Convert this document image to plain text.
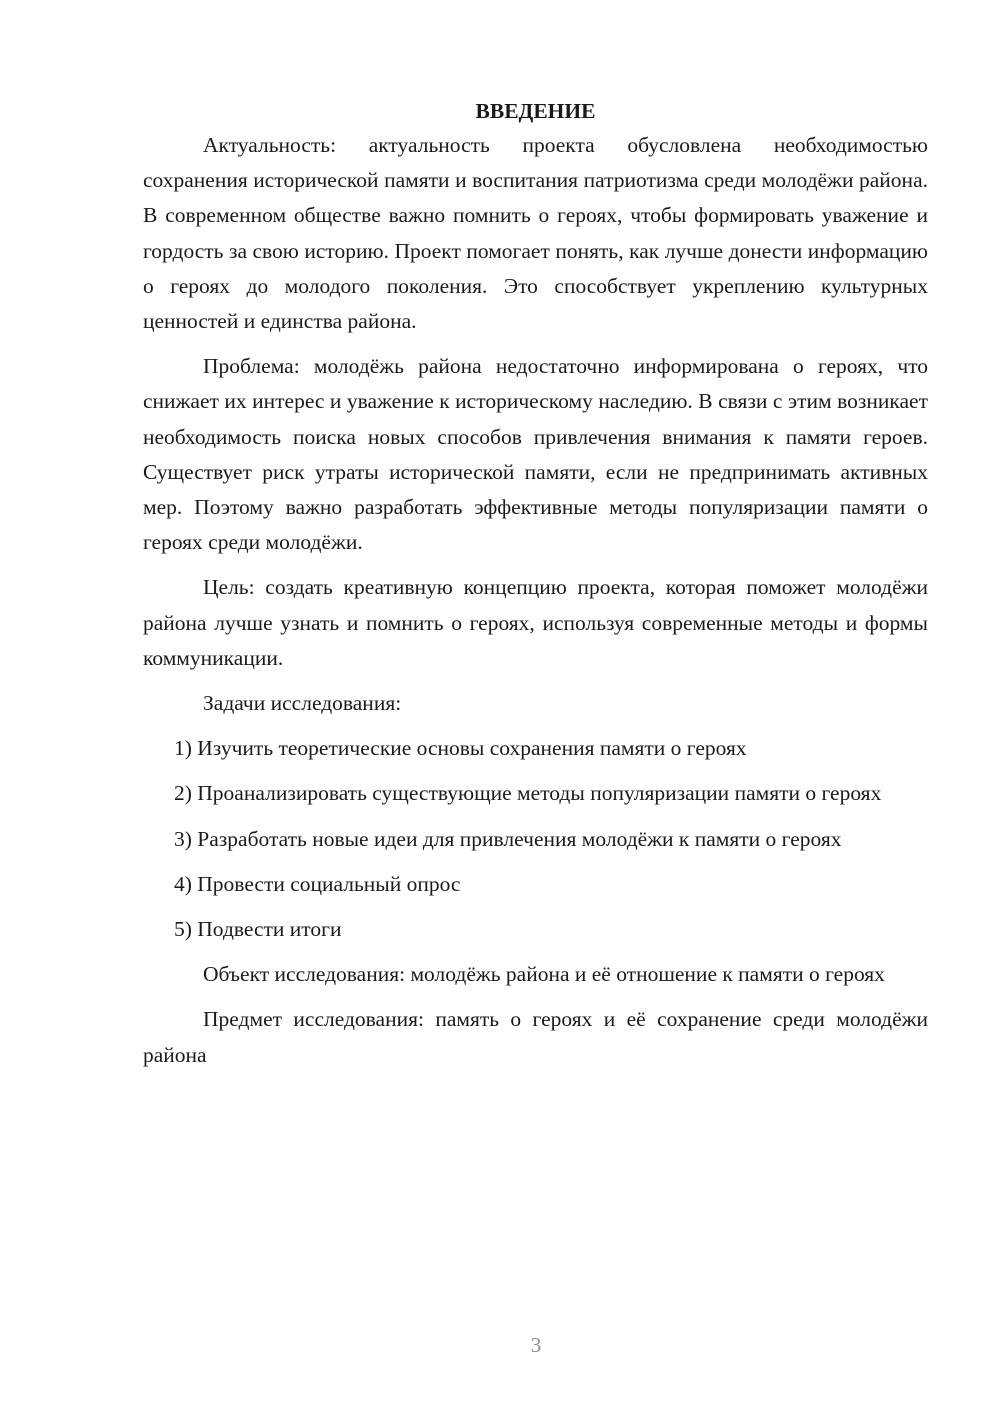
ВВЕДЕНИЕ

Актуальность: актуальность проекта обусловлена необходимостью сохранения исторической памяти и воспитания патриотизма среди молодёжи района. В современном обществе важно помнить о героях, чтобы формировать уважение и гордость за свою историю. Проект помогает понять, как лучше донести информацию о героях до молодого поколения. Это способствует укреплению культурных ценностей и единства района.

Проблема: молодёжь района недостаточно информирована о героях, что снижает их интерес и уважение к историческому наследию. В связи с этим возникает необходимость поиска новых способов привлечения внимания к памяти героев. Существует риск утраты исторической памяти, если не предпринимать активных мер. Поэтому важно разработать эффективные методы популяризации памяти о героях среди молодёжи.

Цель: создать креативную концепцию проекта, которая поможет молодёжи района лучше узнать и помнить о героях, используя современные методы и формы коммуникации.

Задачи исследования:

1) Изучить теоретические основы сохранения памяти о героях

2) Проанализировать существующие методы популяризации памяти о героях

3) Разработать новые идеи для привлечения молодёжи к памяти о героях

4) Провести социальный опрос

5) Подвести итоги

Объект исследования: молодёжь района и её отношение к памяти о героях

Предмет исследования: память о героях и её сохранение среди молодёжи района

3
